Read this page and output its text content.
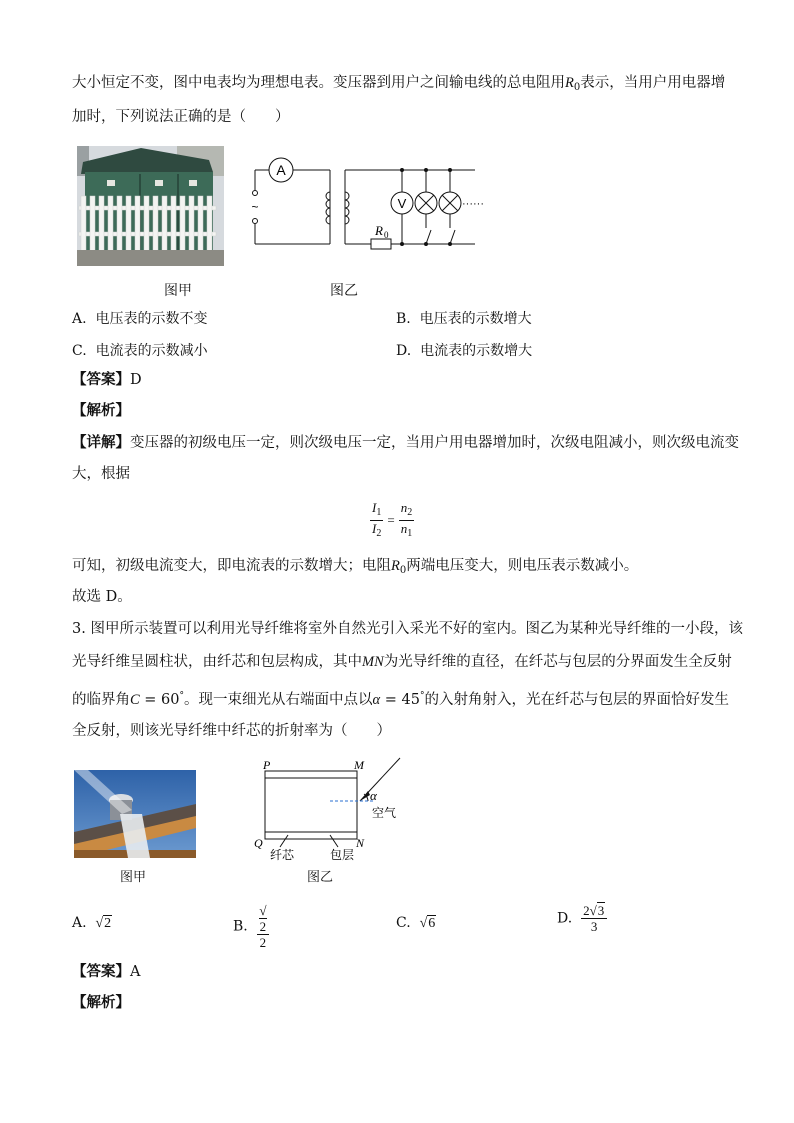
大小恒定不变，图中电表均为理想电表。变压器到用户之间输电线的总电阻用$R_0$表示，当用户用电器增
加时，下列说法正确的是（　　）
图甲
A
V
~
R 0
······
图乙
A. 电压表的示数不变	B. 电压表的示数增大
C. 电流表的示数减小	D. 电流表的示数增大
【答案】D
【解析】
【详解】变压器的初级电压一定，则次级电压一定，当用户用电器增加时，次级电阻减小，则次级电流变
大，根据
$\frac{I_1}{I_2} = \frac{n_2}{n_1}$
可知，初级电流变大，即电流表的示数增大；电阻$R_0$两端电压变大，则电压表示数减小。
故选 D。
3. 图甲所示装置可以利用光导纤维将室外自然光引入采光不好的室内。图乙为某种光导纤维的一小段，该
光导纤维呈圆柱状，由纤芯和包层构成，其中MN为光导纤维的直径，在纤芯与包层的分界面发生全反射
的临界角C = 60°。现一束细光从右端面中点以α = 45°的入射角射入，光在纤芯与包层的界面恰好发生
全反射，则该光导纤维中纤芯的折射率为（　　）
图甲
P	M
Q	N
α
空气
纤芯	包层
图乙
A. √2	B. √
2
2	C. √6	D. $\frac{2√3}{3}$
【答案】A
【解析】
